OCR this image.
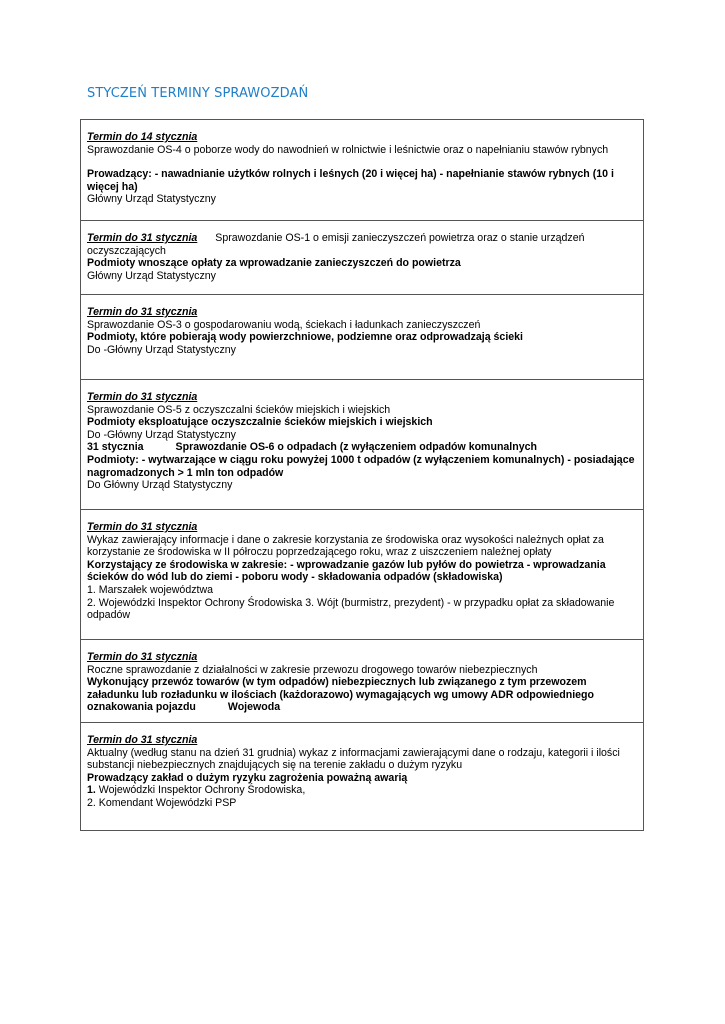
STYCZEŃ TERMINY SPRAWOZDAŃ
Termin do 14 stycznia
Sprawozdanie OS-4 o poborze wody do nawodnień w rolnictwie i leśnictwie oraz o napełnianiu stawów rybnych
Prowadzący: - nawadnianie użytków rolnych i leśnych (20 i więcej ha) - napełnianie stawów rybnych (10 i więcej ha)
Główny Urząd Statystyczny
Termin do 31 stycznia Sprawozdanie OS-1 o emisji zanieczyszczeń powietrza oraz o stanie urządzeń oczyszczających
Podmioty wnoszące opłaty za wprowadzanie zanieczyszczeń do powietrza
Główny Urząd Statystyczny
Termin do 31 stycznia
Sprawozdanie OS-3 o gospodarowaniu wodą, ściekach i ładunkach zanieczyszczeń
Podmioty, które pobierają wody powierzchniowe, podziemne oraz odprowadzają ścieki
Do -Główny Urząd Statystyczny
Termin do 31 stycznia
Sprawozdanie OS-5 z oczyszczalni ścieków miejskich i wiejskich
Podmioty eksploatujące oczyszczalnie ścieków miejskich i wiejskich
Do -Główny Urząd Statystyczny
31 stycznia	Sprawozdanie OS-6 o odpadach (z wyłączeniem odpadów komunalnych
Podmioty: - wytwarzające w ciągu roku powyżej 1000 t odpadów (z wyłączeniem komunalnych) - posiadające nagromadzonych > 1 mln ton odpadów
Do Główny Urząd Statystyczny
Termin do 31 stycznia
Wykaz zawierający informacje i dane o zakresie korzystania ze środowiska oraz wysokości należnych opłat za korzystanie ze środowiska w II półroczu poprzedzającego roku, wraz z uiszczeniem należnej opłaty
Korzystający ze środowiska w zakresie: - wprowadzanie gazów lub pyłów do powietrza - wprowadzania ścieków do wód lub do ziemi - poboru wody - składowania odpadów (składowiska)
1. Marszałek województwa
2. Wojewódzki Inspektor Ochrony Środowiska 3. Wójt (burmistrz, prezydent) - w przypadku opłat za składowanie odpadów
Termin do 31 stycznia
Roczne sprawozdanie z działalności w zakresie przewozu drogowego towarów niebezpiecznych
Wykonujący przewóz towarów (w tym odpadów) niebezpiecznych lub związanego z tym przewozem załadunku lub rozładunku w ilościach (każdorazowo) wymagających wg umowy ADR odpowiedniego oznakowania pojazdu	Wojewoda
Termin do 31 stycznia
Aktualny (według stanu na dzień 31 grudnia) wykaz z informacjami zawierającymi dane o rodzaju, kategorii i ilości substancji niebezpiecznych znajdujących się na terenie zakładu o dużym ryzyku
Prowadzący zakład o dużym ryzyku zagrożenia poważną awarią
1. Wojewódzki Inspektor Ochrony Środowiska,
2. Komendant Wojewódzki PSP
